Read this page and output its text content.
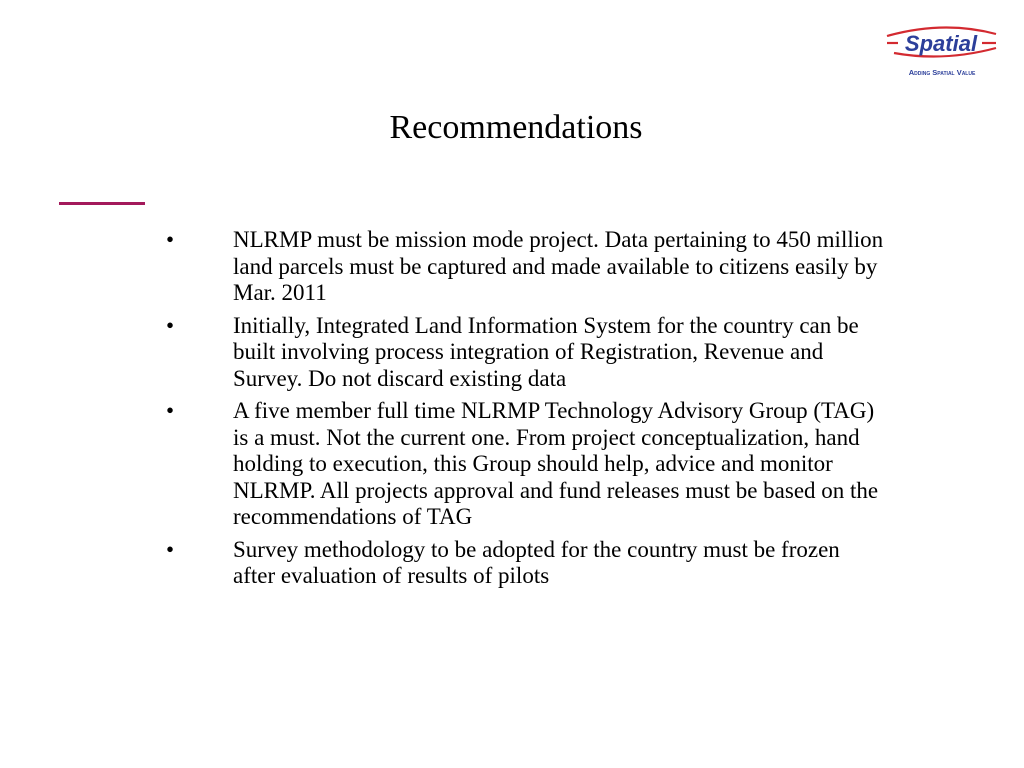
Spatial
Adding Spatial Value
Recommendations
•	NLRMP must be mission mode project. Data pertaining to 450 million land parcels must be captured and made available to citizens easily by Mar. 2011
•	Initially, Integrated Land Information System for the country can be built involving process integration of Registration, Revenue and Survey. Do not discard existing data
•	A five member full time NLRMP Technology Advisory Group (TAG) is a must. Not the current one. From project conceptualization, hand holding to execution, this Group should help, advice and monitor NLRMP. All projects approval and fund releases must be based on the recommendations of TAG
•	Survey methodology to be adopted for the country must be frozen after evaluation of results of pilots
